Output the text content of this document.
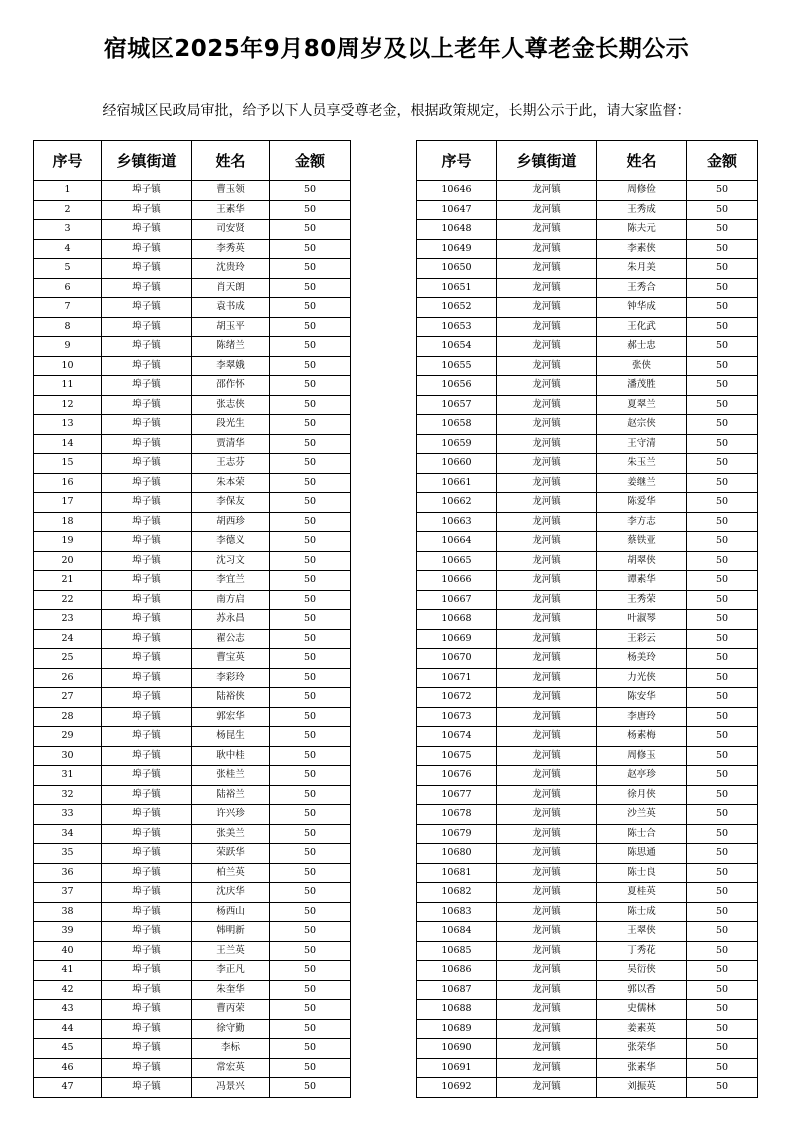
宿城区2025年9月80周岁及以上老年人尊老金长期公示
经宿城区民政局审批，给予以下人员享受尊老金，根据政策规定，长期公示于此，请大家监督：
序号	乡镇街道	姓名	金额
1	埠子镇	曹玉领	50
2	埠子镇	王素华	50
3	埠子镇	司安贤	50
4	埠子镇	李秀英	50
5	埠子镇	沈贵玲	50
6	埠子镇	肖天朗	50
7	埠子镇	袁书成	50
8	埠子镇	胡玉平	50
9	埠子镇	陈绪兰	50
10	埠子镇	李翠娥	50
11	埠子镇	邵作怀	50
12	埠子镇	张志侠	50
13	埠子镇	段光生	50
14	埠子镇	贾清华	50
15	埠子镇	王志芬	50
16	埠子镇	朱本荣	50
17	埠子镇	李保友	50
18	埠子镇	胡西珍	50
19	埠子镇	李德义	50
20	埠子镇	沈习文	50
21	埠子镇	李宜兰	50
22	埠子镇	南方启	50
23	埠子镇	苏永昌	50
24	埠子镇	翟公志	50
25	埠子镇	曹宝英	50
26	埠子镇	李彩玲	50
27	埠子镇	陆裕侠	50
28	埠子镇	郭宏华	50
29	埠子镇	杨昆生	50
30	埠子镇	耿中桂	50
31	埠子镇	张桂兰	50
32	埠子镇	陆裕兰	50
33	埠子镇	许兴珍	50
34	埠子镇	张美兰	50
35	埠子镇	荣跃华	50
36	埠子镇	柏兰英	50
37	埠子镇	沈庆华	50
38	埠子镇	杨西山	50
39	埠子镇	韩明新	50
40	埠子镇	王兰英	50
41	埠子镇	李正凡	50
42	埠子镇	朱奎华	50
43	埠子镇	曹丙荣	50
44	埠子镇	徐守勤	50
45	埠子镇	李标	50
46	埠子镇	常宏英	50
47	埠子镇	冯景兴	50
序号	乡镇街道	姓名	金额
10646	龙河镇	周修俭	50
10647	龙河镇	王秀成	50
10648	龙河镇	陈夫元	50
10649	龙河镇	李素侠	50
10650	龙河镇	朱月美	50
10651	龙河镇	王秀合	50
10652	龙河镇	钟华成	50
10653	龙河镇	王化武	50
10654	龙河镇	郝士忠	50
10655	龙河镇	张侠	50
10656	龙河镇	潘茂胜	50
10657	龙河镇	夏翠兰	50
10658	龙河镇	赵宗侠	50
10659	龙河镇	王守清	50
10660	龙河镇	朱玉兰	50
10661	龙河镇	姜继兰	50
10662	龙河镇	陈爱华	50
10663	龙河镇	李方志	50
10664	龙河镇	蔡铁亚	50
10665	龙河镇	胡翠侠	50
10666	龙河镇	谭素华	50
10667	龙河镇	王秀荣	50
10668	龙河镇	叶淑琴	50
10669	龙河镇	王彩云	50
10670	龙河镇	杨美玲	50
10671	龙河镇	力光侠	50
10672	龙河镇	陈安华	50
10673	龙河镇	李唐玲	50
10674	龙河镇	杨素梅	50
10675	龙河镇	周修玉	50
10676	龙河镇	赵亭珍	50
10677	龙河镇	徐月侠	50
10678	龙河镇	沙兰英	50
10679	龙河镇	陈士合	50
10680	龙河镇	陈思通	50
10681	龙河镇	陈士良	50
10682	龙河镇	夏桂英	50
10683	龙河镇	陈士成	50
10684	龙河镇	王翠侠	50
10685	龙河镇	丁秀花	50
10686	龙河镇	吴衍侠	50
10687	龙河镇	郭以香	50
10688	龙河镇	史儒林	50
10689	龙河镇	姜素英	50
10690	龙河镇	张荣华	50
10691	龙河镇	张素华	50
10692	龙河镇	刘振英	50
